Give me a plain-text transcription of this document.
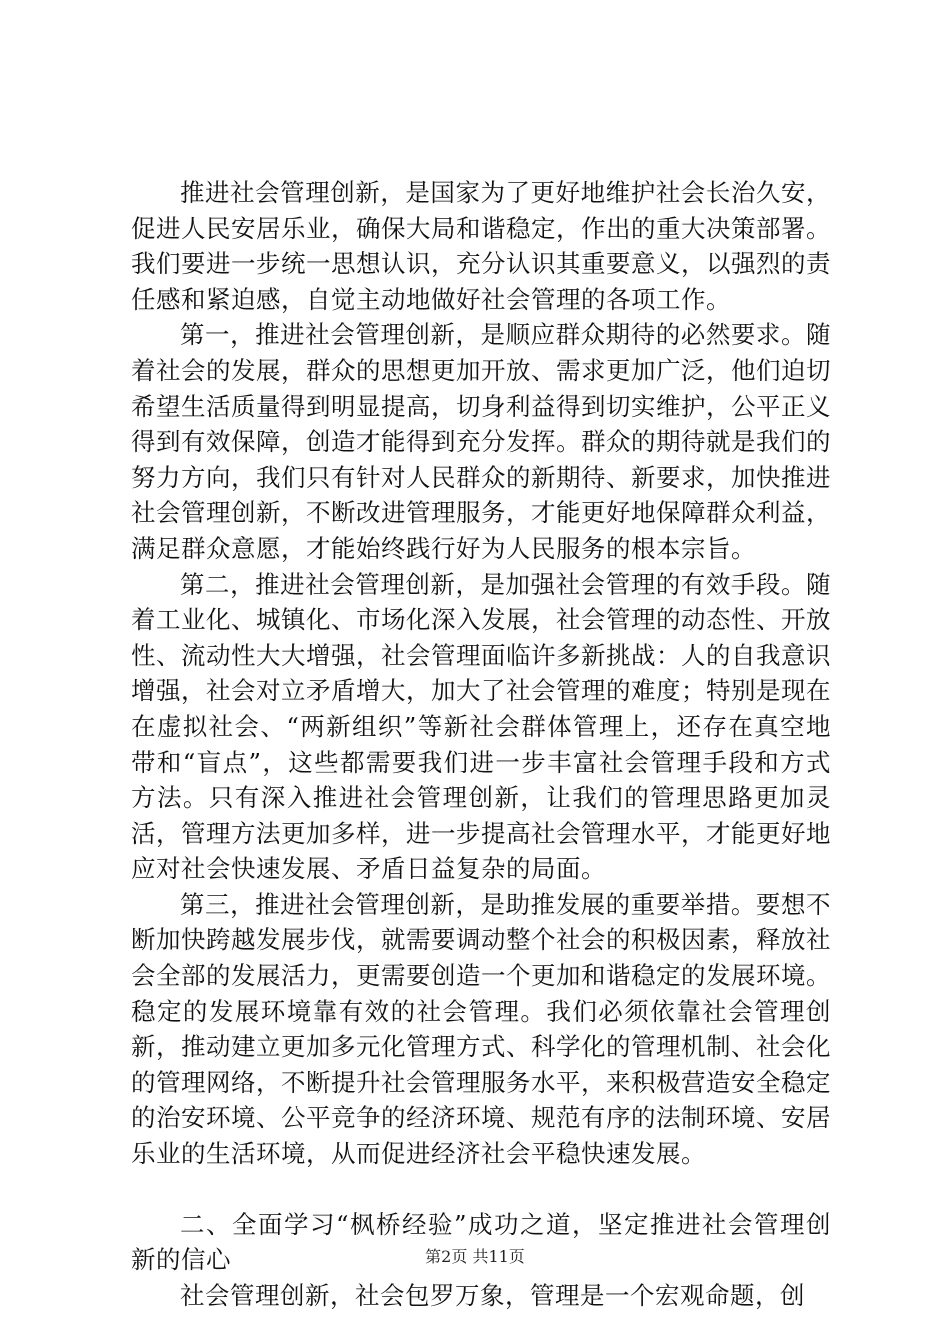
推进社会管理创新，是国家为了更好地维护社会长治久安，促进人民安居乐业，确保大局和谐稳定，作出的重大决策部署。我们要进一步统一思想认识，充分认识其重要意义，以强烈的责任感和紧迫感，自觉主动地做好社会管理的各项工作。

第一，推进社会管理创新，是顺应群众期待的必然要求。随着社会的发展，群众的思想更加开放、需求更加广泛，他们迫切希望生活质量得到明显提高，切身利益得到切实维护，公平正义得到有效保障，创造才能得到充分发挥。群众的期待就是我们的努力方向，我们只有针对人民群众的新期待、新要求，加快推进社会管理创新，不断改进管理服务，才能更好地保障群众利益，满足群众意愿，才能始终践行好为人民服务的根本宗旨。

第二，推进社会管理创新，是加强社会管理的有效手段。随着工业化、城镇化、市场化深入发展，社会管理的动态性、开放性、流动性大大增强，社会管理面临许多新挑战：人的自我意识增强，社会对立矛盾增大，加大了社会管理的难度；特别是现在在虚拟社会、“两新组织”等新社会群体管理上，还存在真空地带和“盲点”，这些都需要我们进一步丰富社会管理手段和方式方法。只有深入推进社会管理创新，让我们的管理思路更加灵活，管理方法更加多样，进一步提高社会管理水平，才能更好地应对社会快速发展、矛盾日益复杂的局面。

第三，推进社会管理创新，是助推发展的重要举措。要想不断加快跨越发展步伐，就需要调动整个社会的积极因素，释放社会全部的发展活力，更需要创造一个更加和谐稳定的发展环境。稳定的发展环境靠有效的社会管理。我们必须依靠社会管理创新，推动建立更加多元化管理方式、科学化的管理机制、社会化的管理网络，不断提升社会管理服务水平，来积极营造安全稳定的治安环境、公平竞争的经济环境、规范有序的法制环境、安居乐业的生活环境，从而促进经济社会平稳快速发展。

二、全面学习“枫桥经验”成功之道，坚定推进社会管理创新的信心

社会管理创新，社会包罗万象，管理是一个宏观命题，创

第2页 共11页
